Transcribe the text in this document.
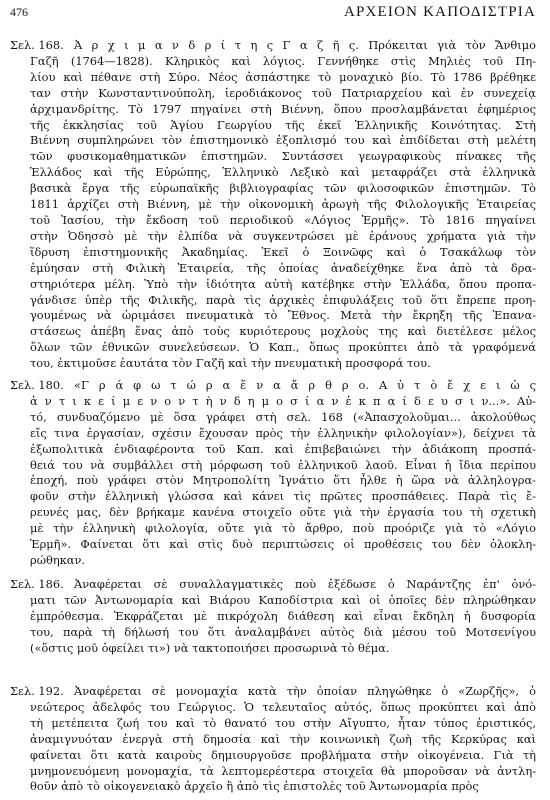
476	ΑΡΧΕΙΟΝ ΚΑΠΟΔΙΣΤΡΙΑ
Σελ. 168. Ἀ ρ χ ι μ α ν δ ρ ί τ η ς Γ α ζ ῆ ς. Πρόκειται γιὰ τὸν Ἄνθιμο
Γαζῆ (1764—1828). Κληρικὸς καὶ λόγιος. Γεννήθηκε στὶς Μηλιὲς τοῦ Πη-
λίου καὶ πέθανε στὴ Σύρο. Νέος ἀσπάστηκε τὸ μοναχικὸ βίο. Τὸ 1786 βρέθηκε
ταν στὴν Κωνσταντινούπολη, ἱεροδιάκονος τοῦ Πατριαρχείου καὶ ἐν συνεχείᾳ
ἀρχιμανδρίτης. Τὸ 1797 πηγαίνει στὴ Βιέννη, ὅπου προσλαμβάνεται ἐφημέριος
τῆς ἐκκλησίας τοῦ Ἁγίου Γεωργίου τῆς ἐκεῖ Ἑλληνικῆς Κοινότητας. Στὴ
Βιέννη συμπληρώνει τὸν ἐπιστημονικὸ ἐξοπλισμό του καὶ ἐπιδίδεται στὴ μελέτη
τῶν φυσικομαθηματικῶν ἐπιστημῶν. Συντάσσει γεωγραφικοὺς πίνακες τῆς
Ἑλλάδος καὶ τῆς Εὐρώπης, Ἑλληνικὸ Λεξικὸ καὶ μεταφράζει στὰ ἑλληνικὰ
βασικὰ ἔργα τῆς εὐρωπαϊκῆς βιβλιογραφίας τῶν φιλοσοφικῶν ἐπιστημῶν. Τὸ
1811 ἀρχίζει στὴ Βιέννη, μὲ τὴν οἰκονομικὴ ἀρωγὴ τῆς Φιλολογικῆς Ἑταιρείας
τοῦ Ἰασίου, τὴν ἔκδοση τοῦ περιοδικοῦ «Λόγιος Ἑρμῆς». Τὸ 1816 πηγαίνει
στὴν Ὀδησσὸ μὲ τὴν ἐλπίδα νὰ συγκεντρώσει μὲ ἐράνους χρήματα γιὰ τὴν
ἵδρυση ἐπιστημονικῆς Ἀκαδημίας. Ἐκεῖ ὁ Ξοινῶφς καὶ ὁ Τσακάλωφ τὸν
ἐμύησαν στὴ Φιλικὴ Ἑταιρεία, τῆς ὁποίας ἀναδείχθηκε ἕνα ἀπὸ τὰ δρα-
στηριότερα μέλη. Ὑπὸ τὴν ἰδιότητα αὐτὴ κατέβηκε στὴν Ἑλλάδα, ὅπου προπα-
γάνδισε ὑπὲρ τῆς Φιλικῆς, παρὰ τὶς ἀρχικὲς ἐπιφυλάξεις τοῦ ὅτι ἔπρεπε προη-
γουμένως νὰ ὡριμάσει πνευματικὰ τὸ Ἔθνος. Μετὰ τὴν ἔκρηξη τῆς Ἐπανα-
στάσεως ἀπέβη ἕνας ἀπὸ τοὺς κυριότερους μοχλοὺς της καὶ διετέλεσε μέλος
ὅλων τῶν ἐθνικῶν συνελεύσεων. Ὁ Καπ., ὅπως προκύπτει ἀπὸ τὰ γραφόμενά
του, ἐκτιμοῦσε ἐαυτάτα τὸν Γαζῆ καὶ τὴν πνευματικὴ προσφορά του.
Σελ. 180. «Γ ρ ά φ ω τ ώ ρ α ἕ ν α ἄ ρ θ ρ ο. Α ὐ τ ὸ ἔ χ ε ι ὡ ς
ἀ ν τ ι κ ε ί μ ε ν ο ν τ ὴ ν δ η μ ο σ ί α ν ἐ κ π α ί δ ε υ σ ι ν...». Αὐ-
τό, συνδυαζόμενο μὲ ὅσα γράφει στὴ σελ. 168 («Ἀπασχολοῦμαι... ἀκολούθως
εἴς τινα ἐργασίαν, σχέσιν ἔχουσαν πρὸς τὴν ἑλληνικὴν φιλολογίαν»), δείχνει τὰ
ἐξωπολιτικὰ ἐνδιαφέροντα τοῦ Καπ. καὶ ἐπιβεβαιώνει τὴν ἀδιάκοπη προσπά-
θειά του νὰ συμβάλλει στὴ μόρφωση τοῦ ἑλληνικοῦ λαοῦ. Εἶναι ἡ ἴδια περίπου
ἐποχή, ποὺ γράφει στὸν Μητροπολίτη Ἰγνάτιο ὅτι ἦλθε ἡ ὥρα νὰ ἀλληλογρα-
φοῦν στὴν ἑλληνικὴ γλώσσα καὶ κάνει τὶς πρῶτες προσπάθειες. Παρὰ τὶς ἔ-
ρευνές μας, δὲν βρήκαμε κανένα στοιχεῖο οὔτε γιὰ τὴν ἐργασία του τὴ σχετικὴ
μὲ τὴν ἑλληνικὴ φιλολογία, οὔτε γιὰ τὸ ἄρθρο, ποὺ προόριζε γιὰ τὸ «Λόγιο
Ἑρμῆ». Φαίνεται ὅτι καὶ στὶς δυὸ περιπτώσεις οἱ προθέσεις του δὲν ὁλοκλη-
ρώθηκαν.
Σελ. 186. Ἀναφέρεται σὲ συναλλαγματικὲς ποὺ ἐξέδωσε ὁ Ναράντζης ἐπ' ὀνό-
ματι τῶν Ἀντωνομαρία καὶ Βιάρου Καποδίστρια καὶ οἱ ὁποῖες δὲν πληρώθηκαν
ἐμπρόθεσμα. Ἐκφράζεται μὲ πικρόχολη διάθεση καὶ εἶναι ἔκδηλη ἡ δυσφορία
του, παρὰ τὴ δήλωσή του ὅτι ἀναλαμβάνει αὐτὸς διὰ μέσου τοῦ Μοτσενίγου
(«ὅστις μοῦ ὀφείλει τι») νὰ τακτοποιήσει προσωρινὰ τὸ θέμα.
Σελ. 192. Ἀναφέρεται σὲ μονομαχία κατὰ τὴν ὁποίαν πληγώθηκε ὁ «Ζωρζῆς», ὁ
νεώτερος ἀδελφός του Γεώργιος. Ὁ τελευταῖος αὐτός, ὅπως προκύπτει καὶ ἀπὸ
τὴ μετέπειτα ζωή του καὶ τὸ θανατό του στὴν Αἴγυπτο, ἦταν τύπος ἐριστικός,
ἀναμιγνυόταν ἐνεργὰ στὴ δημοσία καὶ τὴν κοινωνικὴ ζωὴ τῆς Κερκύρας καὶ
φαίνεται ὅτι κατὰ καιροὺς δημιουργοῦσε προβλήματα στὴν οἰκογένεια. Γιὰ τὴ
μνημονευόμενη μονομαχία, τὰ λεπτομερέστερα στοιχεῖα θὰ μποροῦσαν νὰ ἀντλη-
θοῦν ἀπὸ τὸ οἰκογενειακὸ ἀρχεῖο ἢ ἀπὸ τὶς ἐπιστολὲς τοῦ Ἀντωνομαρία πρὸς
